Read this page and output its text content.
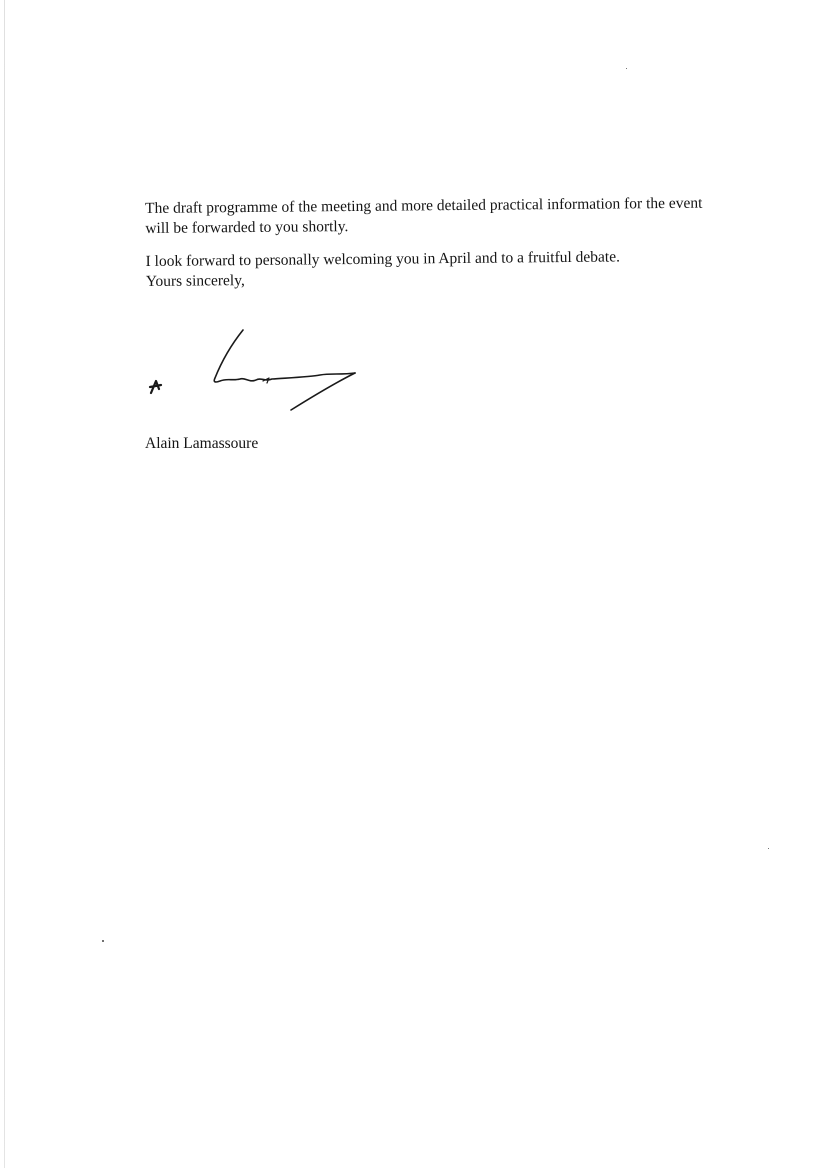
The draft programme of the meeting and more detailed practical information for the event
will be forwarded to you shortly.

I look forward to personally welcoming you in April and to a fruitful debate.

Yours sincerely,

Alain Lamassoure
